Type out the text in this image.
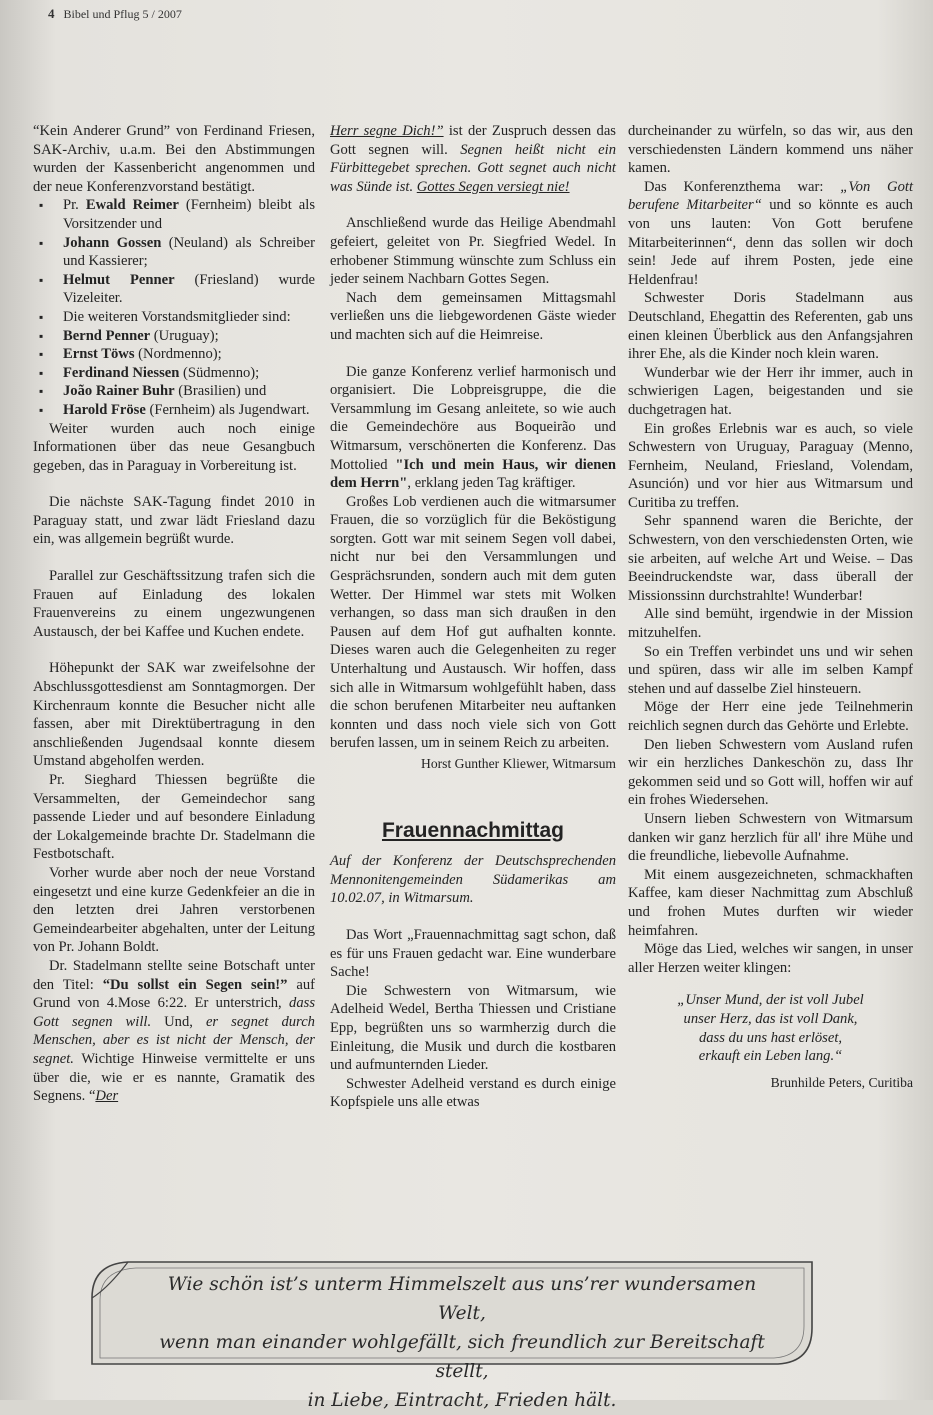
4 Bibel und Pflug 5 / 2007

“Kein Anderer Grund” von Ferdinand Friesen, SAK-Archiv, u.a.m. Bei den Abstimmungen wurden der Kassenbericht angenommen und der neue Konferenzvorstand bestätigt.

▪ Pr. Ewald Reimer (Fernheim) bleibt als Vorsitzender und
▪ Johann Gossen (Neuland) als Schreiber und Kassierer;
▪ Helmut Penner (Friesland) wurde Vizeleiter.
▪ Die weiteren Vorstandsmitglieder sind:
▪ Bernd Penner (Uruguay);
▪ Ernst Töws (Nordmenno);
▪ Ferdinand Niessen (Südmenno);
▪ João Rainer Buhr (Brasilien) und
▪ Harold Fröse (Fernheim) als Jugendwart.

Weiter wurden auch noch einige Informationen über das neue Gesangbuch gegeben, das in Paraguay in Vorbereitung ist.

Die nächste SAK-Tagung findet 2010 in Paraguay statt, und zwar lädt Friesland dazu ein, was allgemein begrüßt wurde.

Parallel zur Geschäftssitzung trafen sich die Frauen auf Einladung des lokalen Frauenvereins zu einem ungezwungenen Austausch, der bei Kaffee und Kuchen endete.

Höhepunkt der SAK war zweifelsohne der Abschlussgottesdienst am Sonntagmorgen. Der Kirchenraum konnte die Besucher nicht alle fassen, aber mit Direktübertragung in den anschließenden Jugendsaal konnte diesem Umstand abgeholfen werden.

Pr. Sieghard Thiessen begrüßte die Versammelten, der Gemeindechor sang passende Lieder und auf besondere Einladung der Lokalgemeinde brachte Dr. Stadelmann die Festbotschaft.

Vorher wurde aber noch der neue Vorstand eingesetzt und eine kurze Gedenkfeier an die in den letzten drei Jahren verstorbenen Gemeindearbeiter abgehalten, unter der Leitung von Pr. Johann Boldt.

Dr. Stadelmann stellte seine Botschaft unter den Titel: “Du sollst ein Segen sein!” auf Grund von 4.Mose 6:22. Er unterstrich, dass Gott segnen will. Und, er segnet durch Menschen, aber es ist nicht der Mensch, der segnet. Wichtige Hinweise vermittelte er uns über die, wie er es nannte, Gramatik des Segnens. “Der

Herr segne Dich!” ist der Zuspruch dessen das Gott segnen will. Segnen heißt nicht ein Fürbittegebet sprechen. Gott segnet auch nicht was Sünde ist. Gottes Segen versiegt nie!

Anschließend wurde das Heilige Abendmahl gefeiert, geleitet von Pr. Siegfried Wedel. In erhobener Stimmung wünschte zum Schluss ein jeder seinem Nachbarn Gottes Segen.

Nach dem gemeinsamen Mittagsmahl verließen uns die liebgewordenen Gäste wieder und machten sich auf die Heimreise.

Die ganze Konferenz verlief harmonisch und organisiert. Die Lobpreisgruppe, die die Versammlung im Gesang anleitete, so wie auch die Gemeindechöre aus Boqueirão und Witmarsum, verschönerten die Konferenz. Das Mottolied "Ich und mein Haus, wir dienen dem Herrn", erklang jeden Tag kräftiger.

Großes Lob verdienen auch die witmarsumer Frauen, die so vorzüglich für die Beköstigung sorgten. Gott war mit seinem Segen voll dabei, nicht nur bei den Versammlungen und Gesprächsrunden, sondern auch mit dem guten Wetter. Der Himmel war stets mit Wolken verhangen, so dass man sich draußen in den Pausen auf dem Hof gut aufhalten konnte. Dieses waren auch die Gelegenheiten zu reger Unterhaltung und Austausch. Wir hoffen, dass sich alle in Witmarsum wohlgefühlt haben, dass die schon berufenen Mitarbeiter neu auftanken konnten und dass noch viele sich von Gott berufen lassen, um in seinem Reich zu arbeiten.

Horst Gunther Kliewer, Witmarsum
Frauennachmittag

Auf der Konferenz der Deutschsprechenden Mennonitengemeinden Südamerikas am 10.02.07, in Witmarsum.

Das Wort „Frauennachmittag sagt schon, daß es für uns Frauen gedacht war. Eine wunderbare Sache!

Die Schwestern von Witmarsum, wie Adelheid Wedel, Bertha Thiessen und Cristiane Epp, begrüßten uns so warmherzig durch die Einleitung, die Musik und durch die kostbaren und aufmunternden Lieder.

Schwester Adelheid verstand es durch einige Kopfspiele uns alle etwas

durcheinander zu würfeln, so das wir, aus den verschiedensten Ländern kommend uns näher kamen.

Das Konferenzthema war: „Von Gott berufene Mitarbeiter“ und so könnte es auch von uns lauten: Von Gott berufene Mitarbeiterinnen“, denn das sollen wir doch sein! Jede auf ihrem Posten, jede eine Heldenfrau!

Schwester Doris Stadelmann aus Deutschland, Ehegattin des Referenten, gab uns einen kleinen Überblick aus den Anfangsjahren ihrer Ehe, als die Kinder noch klein waren.

Wunderbar wie der Herr ihr immer, auch in schwierigen Lagen, beigestanden und sie duchgetragen hat.

Ein großes Erlebnis war es auch, so viele Schwestern von Uruguay, Paraguay (Menno, Fernheim, Neuland, Friesland, Volendam, Asunción) und vor hier aus Witmarsum und Curitiba zu treffen.

Sehr spannend waren die Berichte, der Schwestern, von den verschiedensten Orten, wie sie arbeiten, auf welche Art und Weise. – Das Beeindruckendste war, dass überall der Missionssinn durchstrahlte! Wunderbar!

Alle sind bemüht, irgendwie in der Mission mitzuhelfen.

So ein Treffen verbindet uns und wir sehen und spüren, dass wir alle im selben Kampf stehen und auf dasselbe Ziel hinsteuern.

Möge der Herr eine jede Teilnehmerin reichlich segnen durch das Gehörte und Erlebte.

Den lieben Schwestern vom Ausland rufen wir ein herzliches Dankeschön zu, dass Ihr gekommen seid und so Gott will, hoffen wir auf ein frohes Wiedersehen.

Unsern lieben Schwestern von Witmarsum danken wir ganz herzlich für all' ihre Mühe und die freundliche, liebevolle Aufnahme.

Mit einem ausgezeichneten, schmackhaften Kaffee, kam dieser Nachmittag zum Abschluß und frohen Mutes durften wir wieder heimfahren.

Möge das Lied, welches wir sangen, in unser aller Herzen weiter klingen:

„Unser Mund, der ist voll Jubel
unser Herz, das ist voll Dank,
dass du uns hast erlöset,
erkauft ein Leben lang.“
Brunhilde Peters, Curitiba
Wie schön ist’s unterm Himmelszelt aus uns’rer wundersamen Welt,
wenn man einander wohlgefällt, sich freundlich zur Bereitschaft stellt,
in Liebe, Eintracht, Frieden hält.
